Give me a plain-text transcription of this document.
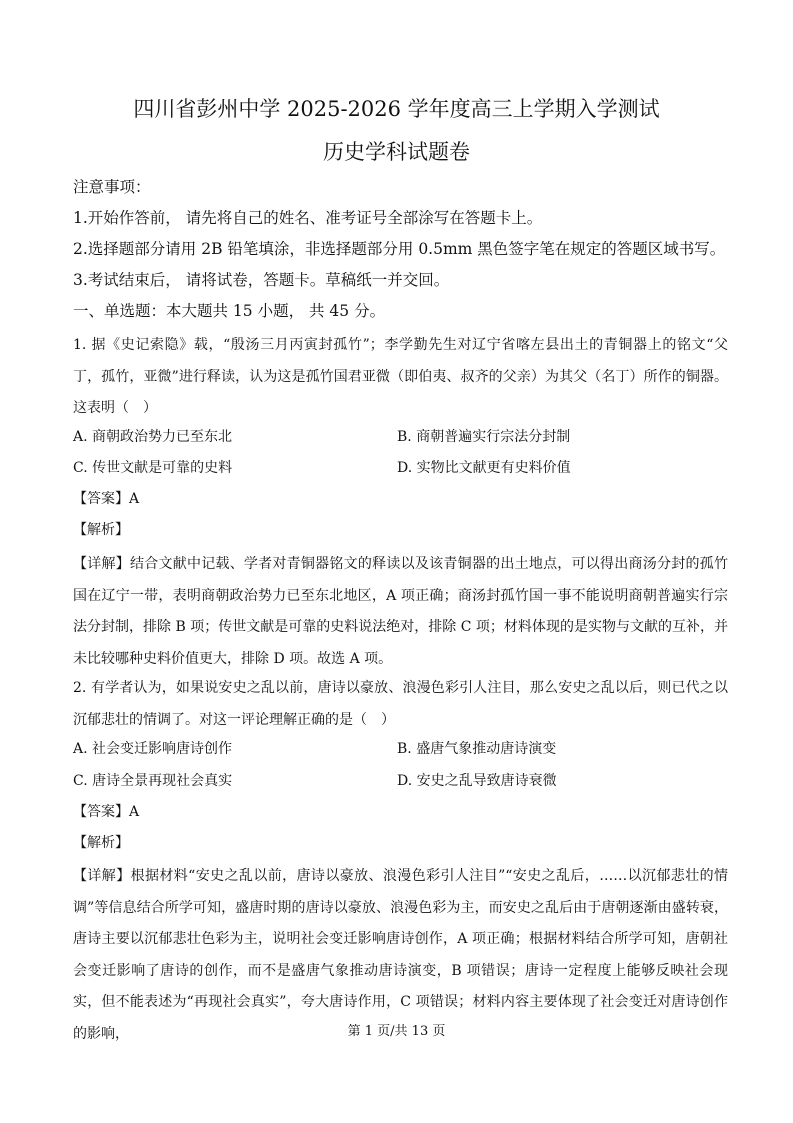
四川省彭州中学 2025-2026 学年度高三上学期入学测试
历史学科试题卷
注意事项：
1.开始作答前， 请先将自己的姓名、准考证号全部涂写在答题卡上。
2.选择题部分请用 2B 铅笔填涂，非选择题部分用 0.5mm 黑色签字笔在规定的答题区域书写。
3.考试结束后， 请将试卷，答题卡。草稿纸一并交回。
一、单选题：本大题共 15 小题， 共 45 分。
1. 据《史记索隐》载，“殷汤三月丙寅封孤竹”；李学勤先生对辽宁省喀左县出土的青铜器上的铭文“父丁，孤竹，亚微”进行释读，认为这是孤竹国君亚微（即伯夷、叔齐的父亲）为其父（名丁）所作的铜器。这表明（　）
A. 商朝政治势力已至东北	B. 商朝普遍实行宗法分封制
C. 传世文献是可靠的史料	D. 实物比文献更有史料价值
【答案】A
【解析】
【详解】结合文献中记载、学者对青铜器铭文的释读以及该青铜器的出土地点，可以得出商汤分封的孤竹国在辽宁一带，表明商朝政治势力已至东北地区，A 项正确；商汤封孤竹国一事不能说明商朝普遍实行宗法分封制，排除 B 项；传世文献是可靠的史料说法绝对，排除 C 项；材料体现的是实物与文献的互补，并未比较哪种史料价值更大，排除 D 项。故选 A 项。
2. 有学者认为，如果说安史之乱以前，唐诗以豪放、浪漫色彩引人注目，那么安史之乱以后，则已代之以沉郁悲壮的情调了。对这一评论理解正确的是（　）
A. 社会变迁影响唐诗创作	B. 盛唐气象推动唐诗演变
C. 唐诗全景再现社会真实	D. 安史之乱导致唐诗衰微
【答案】A
【解析】
【详解】根据材料“安史之乱以前，唐诗以豪放、浪漫色彩引人注目”“安史之乱后，……以沉郁悲壮的情调”等信息结合所学可知，盛唐时期的唐诗以豪放、浪漫色彩为主，而安史之乱后由于唐朝逐渐由盛转衰，唐诗主要以沉郁悲壮色彩为主，说明社会变迁影响唐诗创作，A 项正确；根据材料结合所学可知，唐朝社会变迁影响了唐诗的创作，而不是盛唐气象推动唐诗演变，B 项错误；唐诗一定程度上能够反映社会现实，但不能表述为“再现社会真实”，夸大唐诗作用，C 项错误；材料内容主要体现了社会变迁对唐诗创作的影响，	第 1 页/共 13 页
